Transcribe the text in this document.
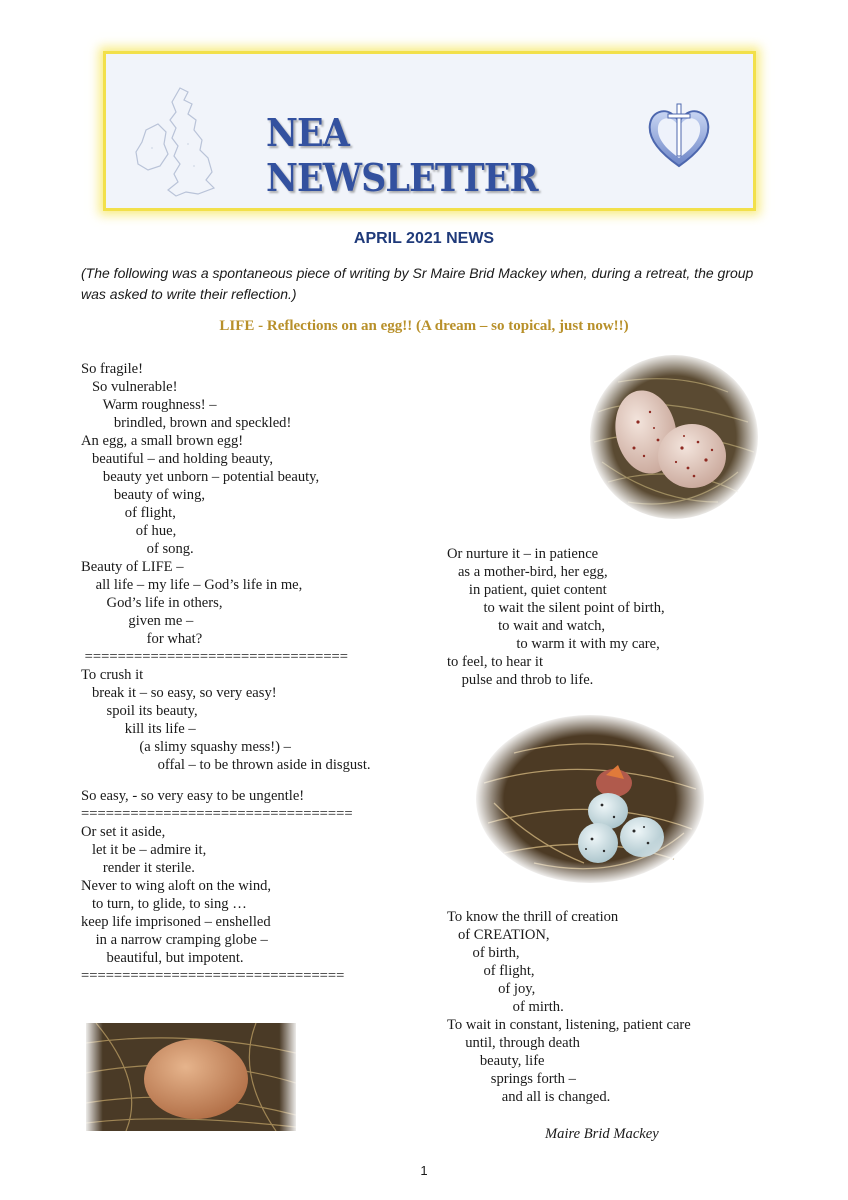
NEA NEWSLETTER
APRIL 2021 NEWS
(The following was a spontaneous piece of writing by Sr Maire Brid Mackey when, during a retreat, the group was asked to write their reflection.)
LIFE - Reflections on an egg!! (A dream – so topical, just now!!)
So fragile!
So vulnerable!
Warm roughness! –
brindled, brown and speckled!
An egg, a small brown egg!
beautiful – and holding beauty,
beauty yet unborn – potential beauty,
beauty of wing,
of flight,
of hue,
of song.
Beauty of LIFE –
all life – my life – God’s life in me,
God’s life in others,
given me –
for what?
================================
To crush it
break it – so easy, so very easy!
spoil its beauty,
kill its life –
(a slimy squashy mess!) –
offal – to be thrown aside in disgust.
So easy, - so very easy to be ungentle!
=================================
Or set it aside,
let it be – admire it,
render it sterile.
Never to wing aloft on the wind,
to turn, to glide, to sing …
keep life imprisoned – enshelled
in a narrow cramping globe –
beautiful, but impotent.
================================
Or nurture it – in patience
as a mother-bird, her egg,
in patient, quiet content
to wait the silent point of birth,
to wait and watch,
to warm it with my care,
to feel, to hear it
pulse and throb to life.
To know the thrill of creation
of CREATION,
of birth,
of flight,
of joy,
of mirth.
To wait in constant, listening, patient care
until, through death
beauty, life
springs forth –
and all is changed.
Maire Brid Mackey
1
